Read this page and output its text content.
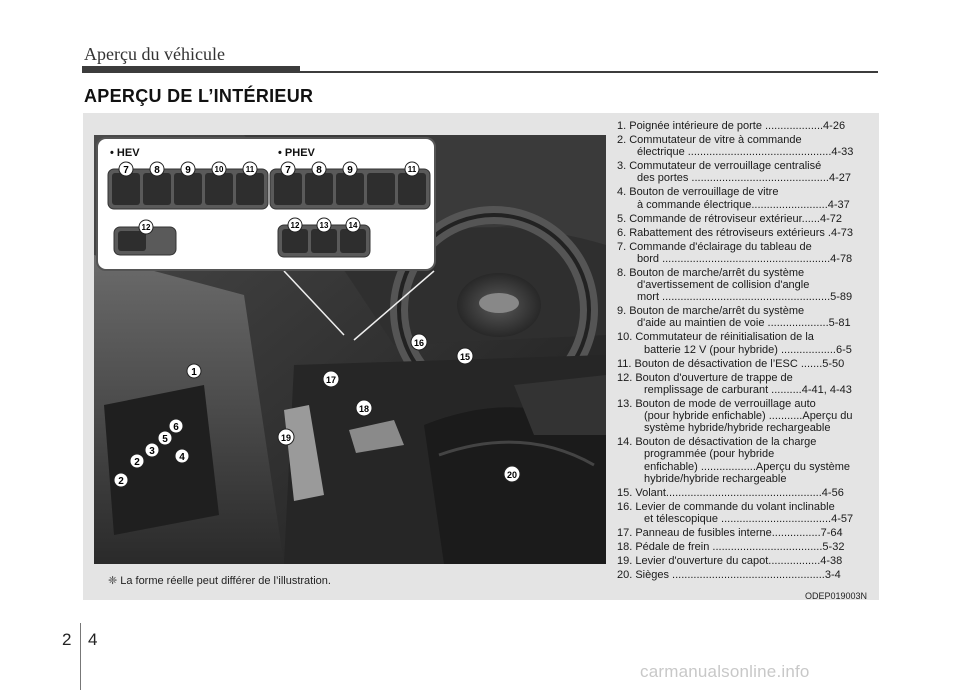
Aperçu du véhicule
APERÇU DE L’INTÉRIEUR
1
2
2
3
4
5
6
15
16
17
18
19
20
• HEV	• PHEV
7	8	9	10	11
12
7	8	9	11
12	13	14
❈ La forme réelle peut différer de l’illustration.
1. Poignée intérieure de porte ...................4-26
2. Commutateur de vitre à commande
électrique ...............................................4-33
3. Commutateur de verrouillage centralisé
des portes .............................................4-27
4. Bouton de verrouillage de vitre
à commande électrique.........................4-37
5. Commande de rétroviseur extérieur......4-72
6. Rabattement des rétroviseurs extérieurs .4-73
7. Commande d'éclairage du tableau de
bord .......................................................4-78
8. Bouton de marche/arrêt du système
d'avertissement de collision d'angle
mort .......................................................5-89
9. Bouton de marche/arrêt du système
d'aide au maintien de voie ....................5-81
10. Commutateur de réinitialisation de la
batterie 12 V (pour hybride) ..................6-5
11. Bouton de désactivation de l’ESC .......5-50
12. Bouton d'ouverture de trappe de
remplissage de carburant ..........4-41, 4-43
13. Bouton de mode de verrouillage auto
(pour hybride enfichable) ...........Aperçu du
système hybride/hybride rechargeable
14. Bouton de désactivation de la charge
programmée (pour hybride
enfichable) ..................Aperçu du système
hybride/hybride rechargeable
15. Volant...................................................4-56
16. Levier de commande du volant inclinable
et télescopique ....................................4-57
17. Panneau de fusibles interne................7-64
18. Pédale de frein ....................................5-32
19. Levier d'ouverture du capot.................4-38
20. Sièges ..................................................3-4
ODEP019003N
2 4
carmanualsonline.info
